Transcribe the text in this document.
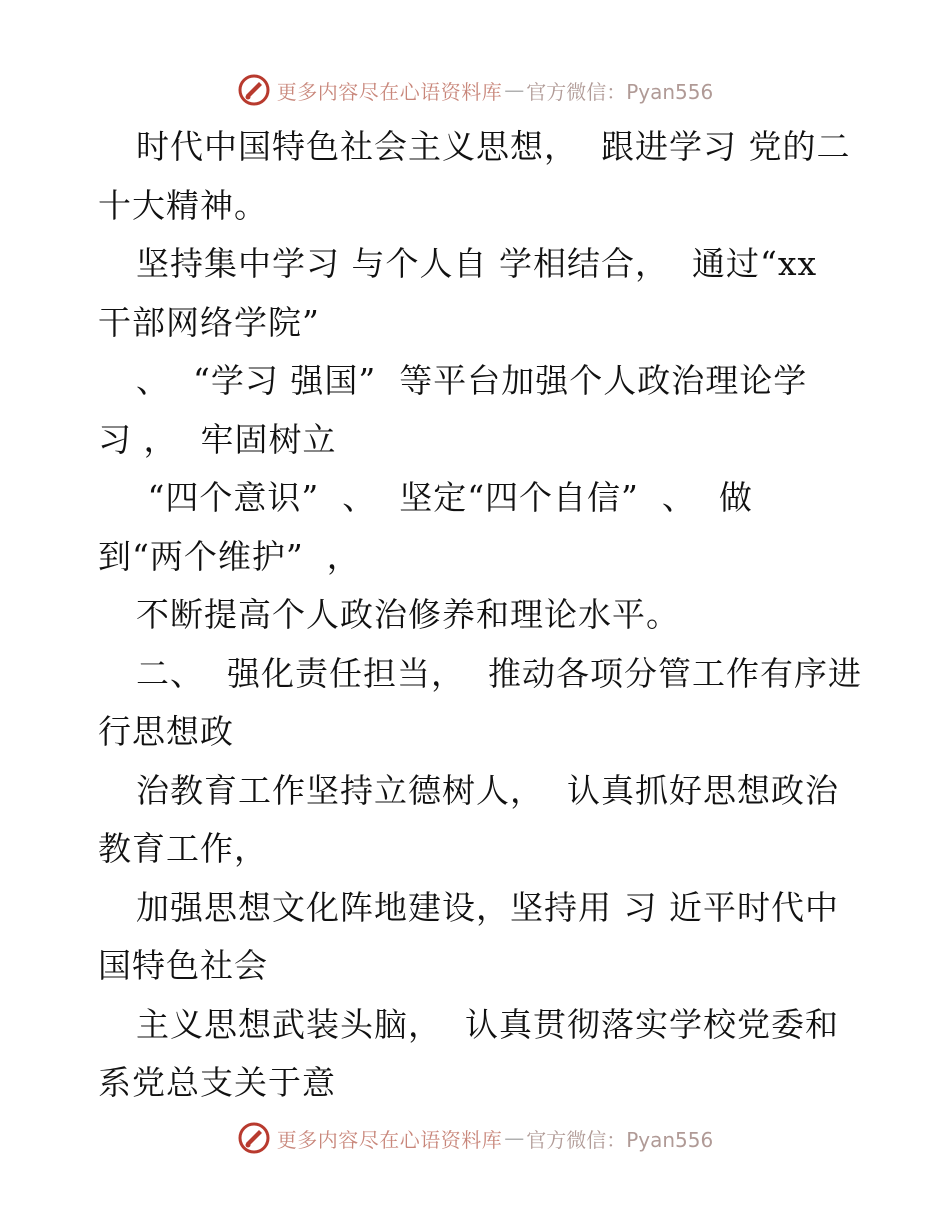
更多内容尽在心语资料库 — 官方微信：Pyan556
时代中国特色社会主义思想，  跟进学习 党的二
十大精神。
坚持集中学习 与个人自 学相结合，  通过“xx
干部网络学院”
、  “学习 强国”  等平台加强个人政治理论学
习 ，  牢固树立
“四个意识”  、  坚定“四个自信”  、  做
到“两个维护”  ，
不断提高个人政治修养和理论水平。
二、  强化责任担当，  推动各项分管工作有序进
行思想政
治教育工作坚持立德树人，  认真抓好思想政治
教育工作，
加强思想文化阵地建设，坚持用 习 近平时代中
国特色社会
主义思想武装头脑，  认真贯彻落实学校党委和
系党总支关于意
更多内容尽在心语资料库 — 官方微信：Pyan556
